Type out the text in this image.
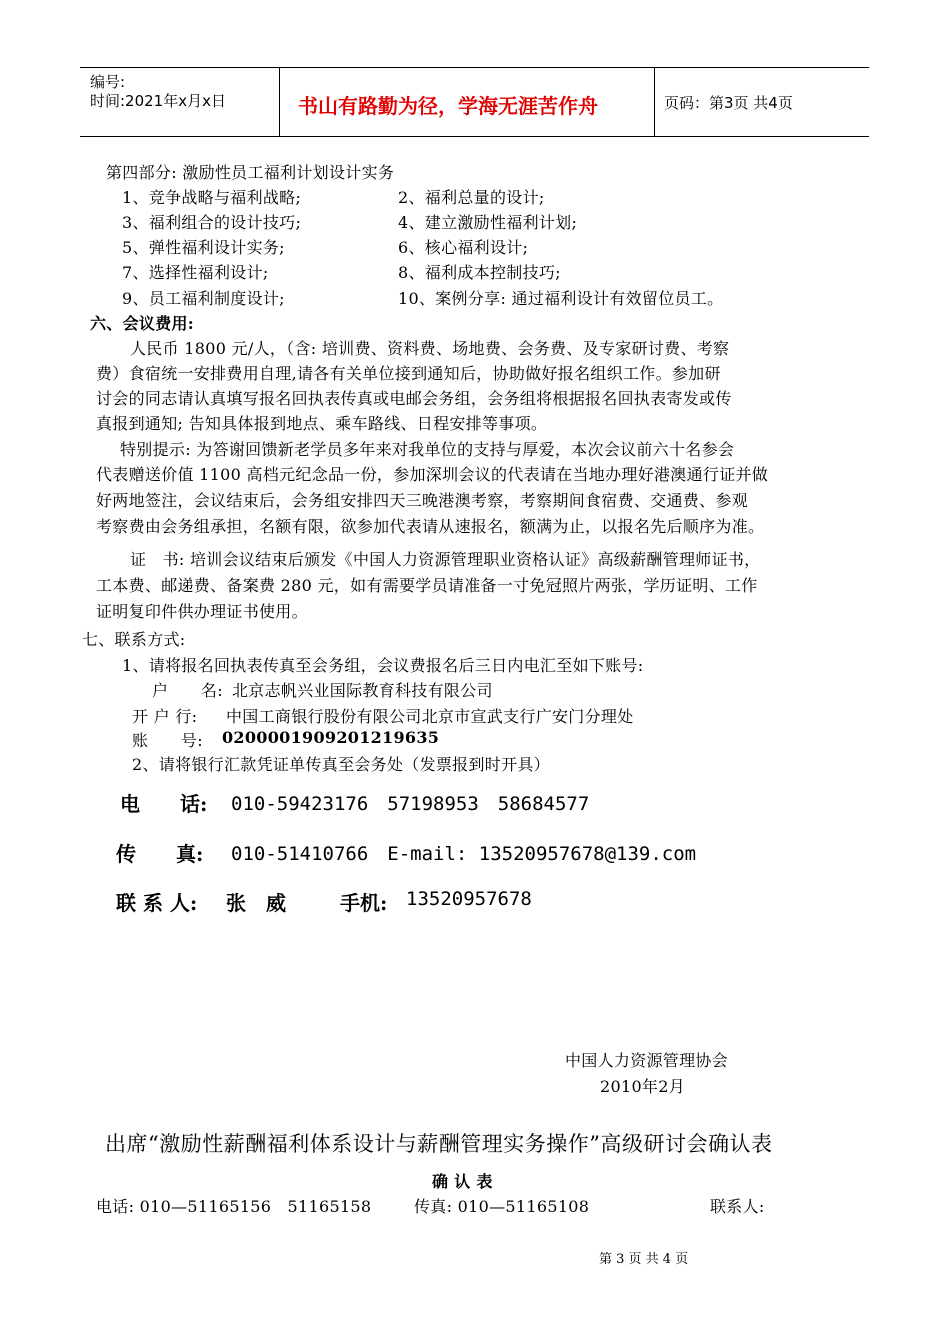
编号:
时间:2021年x月x日	书山有路勤为径，学海无涯苦作舟	页码：第3页 共4页
第四部分: 激励性员工福利计划设计实务
1、竞争战略与福利战略;	2、福利总量的设计;
3、福利组合的设计技巧;	4、建立激励性福利计划;
5、弹性福利设计实务;	6、核心福利设计;
7、选择性福利设计;	8、福利成本控制技巧;
9、员工福利制度设计;	10、案例分享: 通过福利设计有效留位员工。
六、会议费用:
人民币 1800 元/人，（含: 培训费、资料费、场地费、会务费、及专家研讨费、考察
费）食宿统一安排费用自理,请各有关单位接到通知后，协助做好报名组织工作。参加研
讨会的同志请认真填写报名回执表传真或电邮会务组，会务组将根据报名回执表寄发或传
真报到通知; 告知具体报到地点、乘车路线、日程安排等事项。
特别提示: 为答谢回馈新老学员多年来对我单位的支持与厚爱，本次会议前六十名参会
代表赠送价值 1100 高档元纪念品一份，参加深圳会议的代表请在当地办理好港澳通行证并做
好两地签注，会议结束后，会务组安排四天三晚港澳考察，考察期间食宿费、交通费、参观
考察费由会务组承担，名额有限，欲参加代表请从速报名，额满为止，以报名先后顺序为准。
证　书: 培训会议结束后颁发《中国人力资源管理职业资格认证》高级薪酬管理师证书，
工本费、邮递费、备案费 280 元，如有需要学员请准备一寸免冠照片两张，学历证明、工作
证明复印件供办理证书使用。
七、联系方式:
1、请将报名回执表传真至会务组，会议费报名后三日内电汇至如下账号:
户　　名: 北京志帆兴业国际教育科技有限公司
开 户 行: 中国工商银行股份有限公司北京市宣武支行广安门分理处
账　　号: 0200001909201219635
2、请将银行汇款凭证单传真至会务处（发票报到时开具）
电　　话: 010-59423176　57198953　58684577
传　　真: 010-51410766　E-mail: 13520957678@139.com
联 系 人: 张　威	手机: 13520957678
中国人力资源管理协会
2010年2月
出席“激励性薪酬福利体系设计与薪酬管理实务操作”高级研讨会确认表
确 认 表
电话: 010—51165156　51165158	传真: 010—51165108	联系人:
第 3 页 共 4 页
